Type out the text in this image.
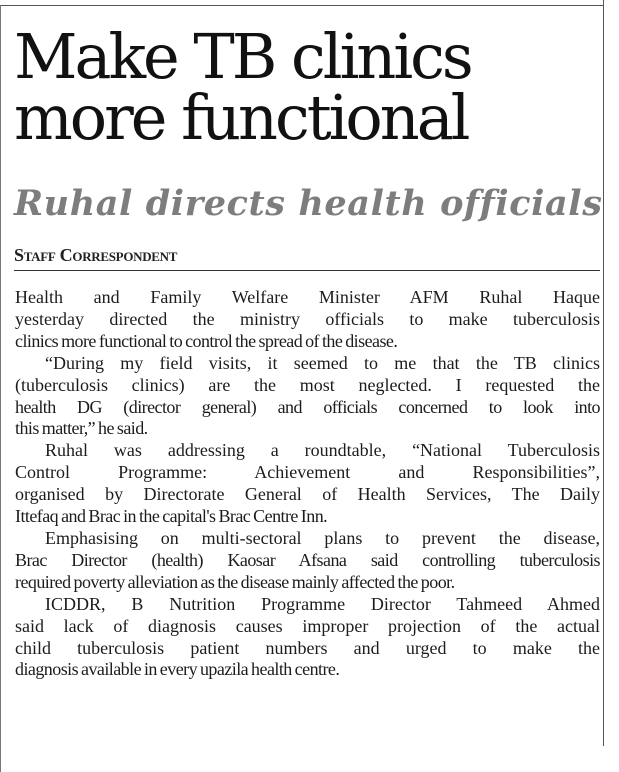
Make TB clinics
more functional
Ruhal directs health officials
Staff Correspondent

Health and Family Welfare Minister AFM Ruhal Haque
yesterday directed the ministry officials to make tuberculosis
clinics more functional to control the spread of the disease.

“During my field visits, it seemed to me that the TB clinics
(tuberculosis clinics) are the most neglected. I requested the
health DG (director general) and officials concerned to look into
this matter,” he said.

Ruhal was addressing a roundtable, “National Tuberculosis
Control Programme: Achievement and Responsibilities”,
organised by Directorate General of Health Services, The Daily
Ittefaq and Brac in the capital's Brac Centre Inn.

Emphasising on multi-sectoral plans to prevent the disease,
Brac Director (health) Kaosar Afsana said controlling tuberculosis
required poverty alleviation as the disease mainly affected the poor.

ICDDR, B Nutrition Programme Director Tahmeed Ahmed
said lack of diagnosis causes improper projection of the actual
child tuberculosis patient numbers and urged to make the
diagnosis available in every upazila health centre.
